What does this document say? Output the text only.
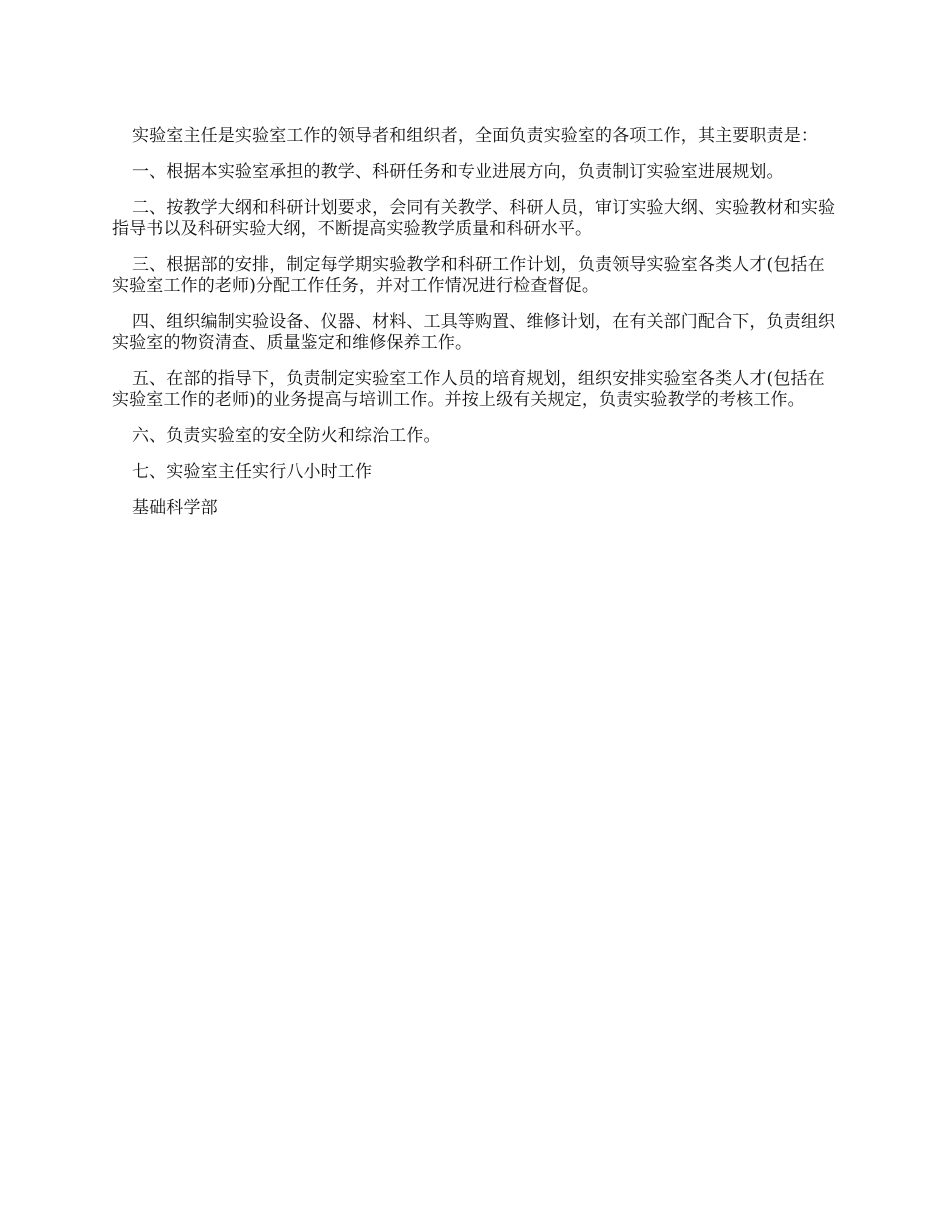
实验室主任是实验室工作的领导者和组织者，全面负责实验室的各项工作，其主要职责是：

一、根据本实验室承担的教学、科研任务和专业进展方向，负责制订实验室进展规划。

二、按教学大纲和科研计划要求，会同有关教学、科研人员，审订实验大纲、实验教材和实验指导书以及科研实验大纲，不断提高实验教学质量和科研水平。

三、根据部的安排，制定每学期实验教学和科研工作计划，负责领导实验室各类人才(包括在实验室工作的老师)分配工作任务，并对工作情况进行检查督促。

四、组织编制实验设备、仪器、材料、工具等购置、维修计划，在有关部门配合下，负责组织实验室的物资清查、质量鉴定和维修保养工作。

五、在部的指导下，负责制定实验室工作人员的培育规划，组织安排实验室各类人才(包括在实验室工作的老师)的业务提高与培训工作。并按上级有关规定，负责实验教学的考核工作。

六、负责实验室的安全防火和综治工作。

七、实验室主任实行八小时工作

基础科学部
